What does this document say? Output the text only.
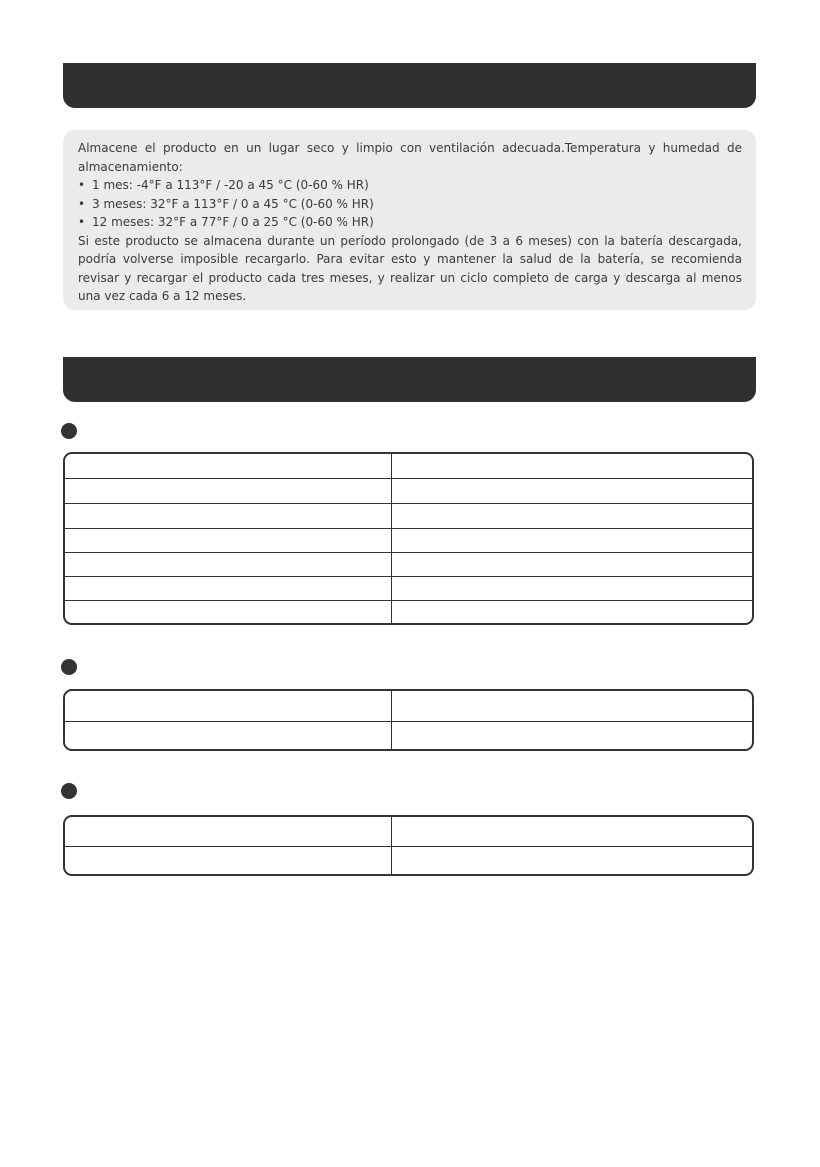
Almacene el producto en un lugar seco y limpio con ventilación adecuada.Temperatura y humedad de almacenamiento:

• 1 mes: -4°F a 113°F / -20 a 45 °C (0-60 % HR)
• 3 meses: 32°F a 113°F / 0 a 45 °C (0-60 % HR)
• 12 meses: 32°F a 77°F / 0 a 25 °C (0-60 % HR)

Si este producto se almacena durante un período prolongado (de 3 a 6 meses) con la batería descargada, podría volverse imposible recargarlo. Para evitar esto y mantener la salud de la batería, se recomienda revisar y recargar el producto cada tres meses, y realizar un ciclo completo de carga y descarga al menos una vez cada 6 a 12 meses.
